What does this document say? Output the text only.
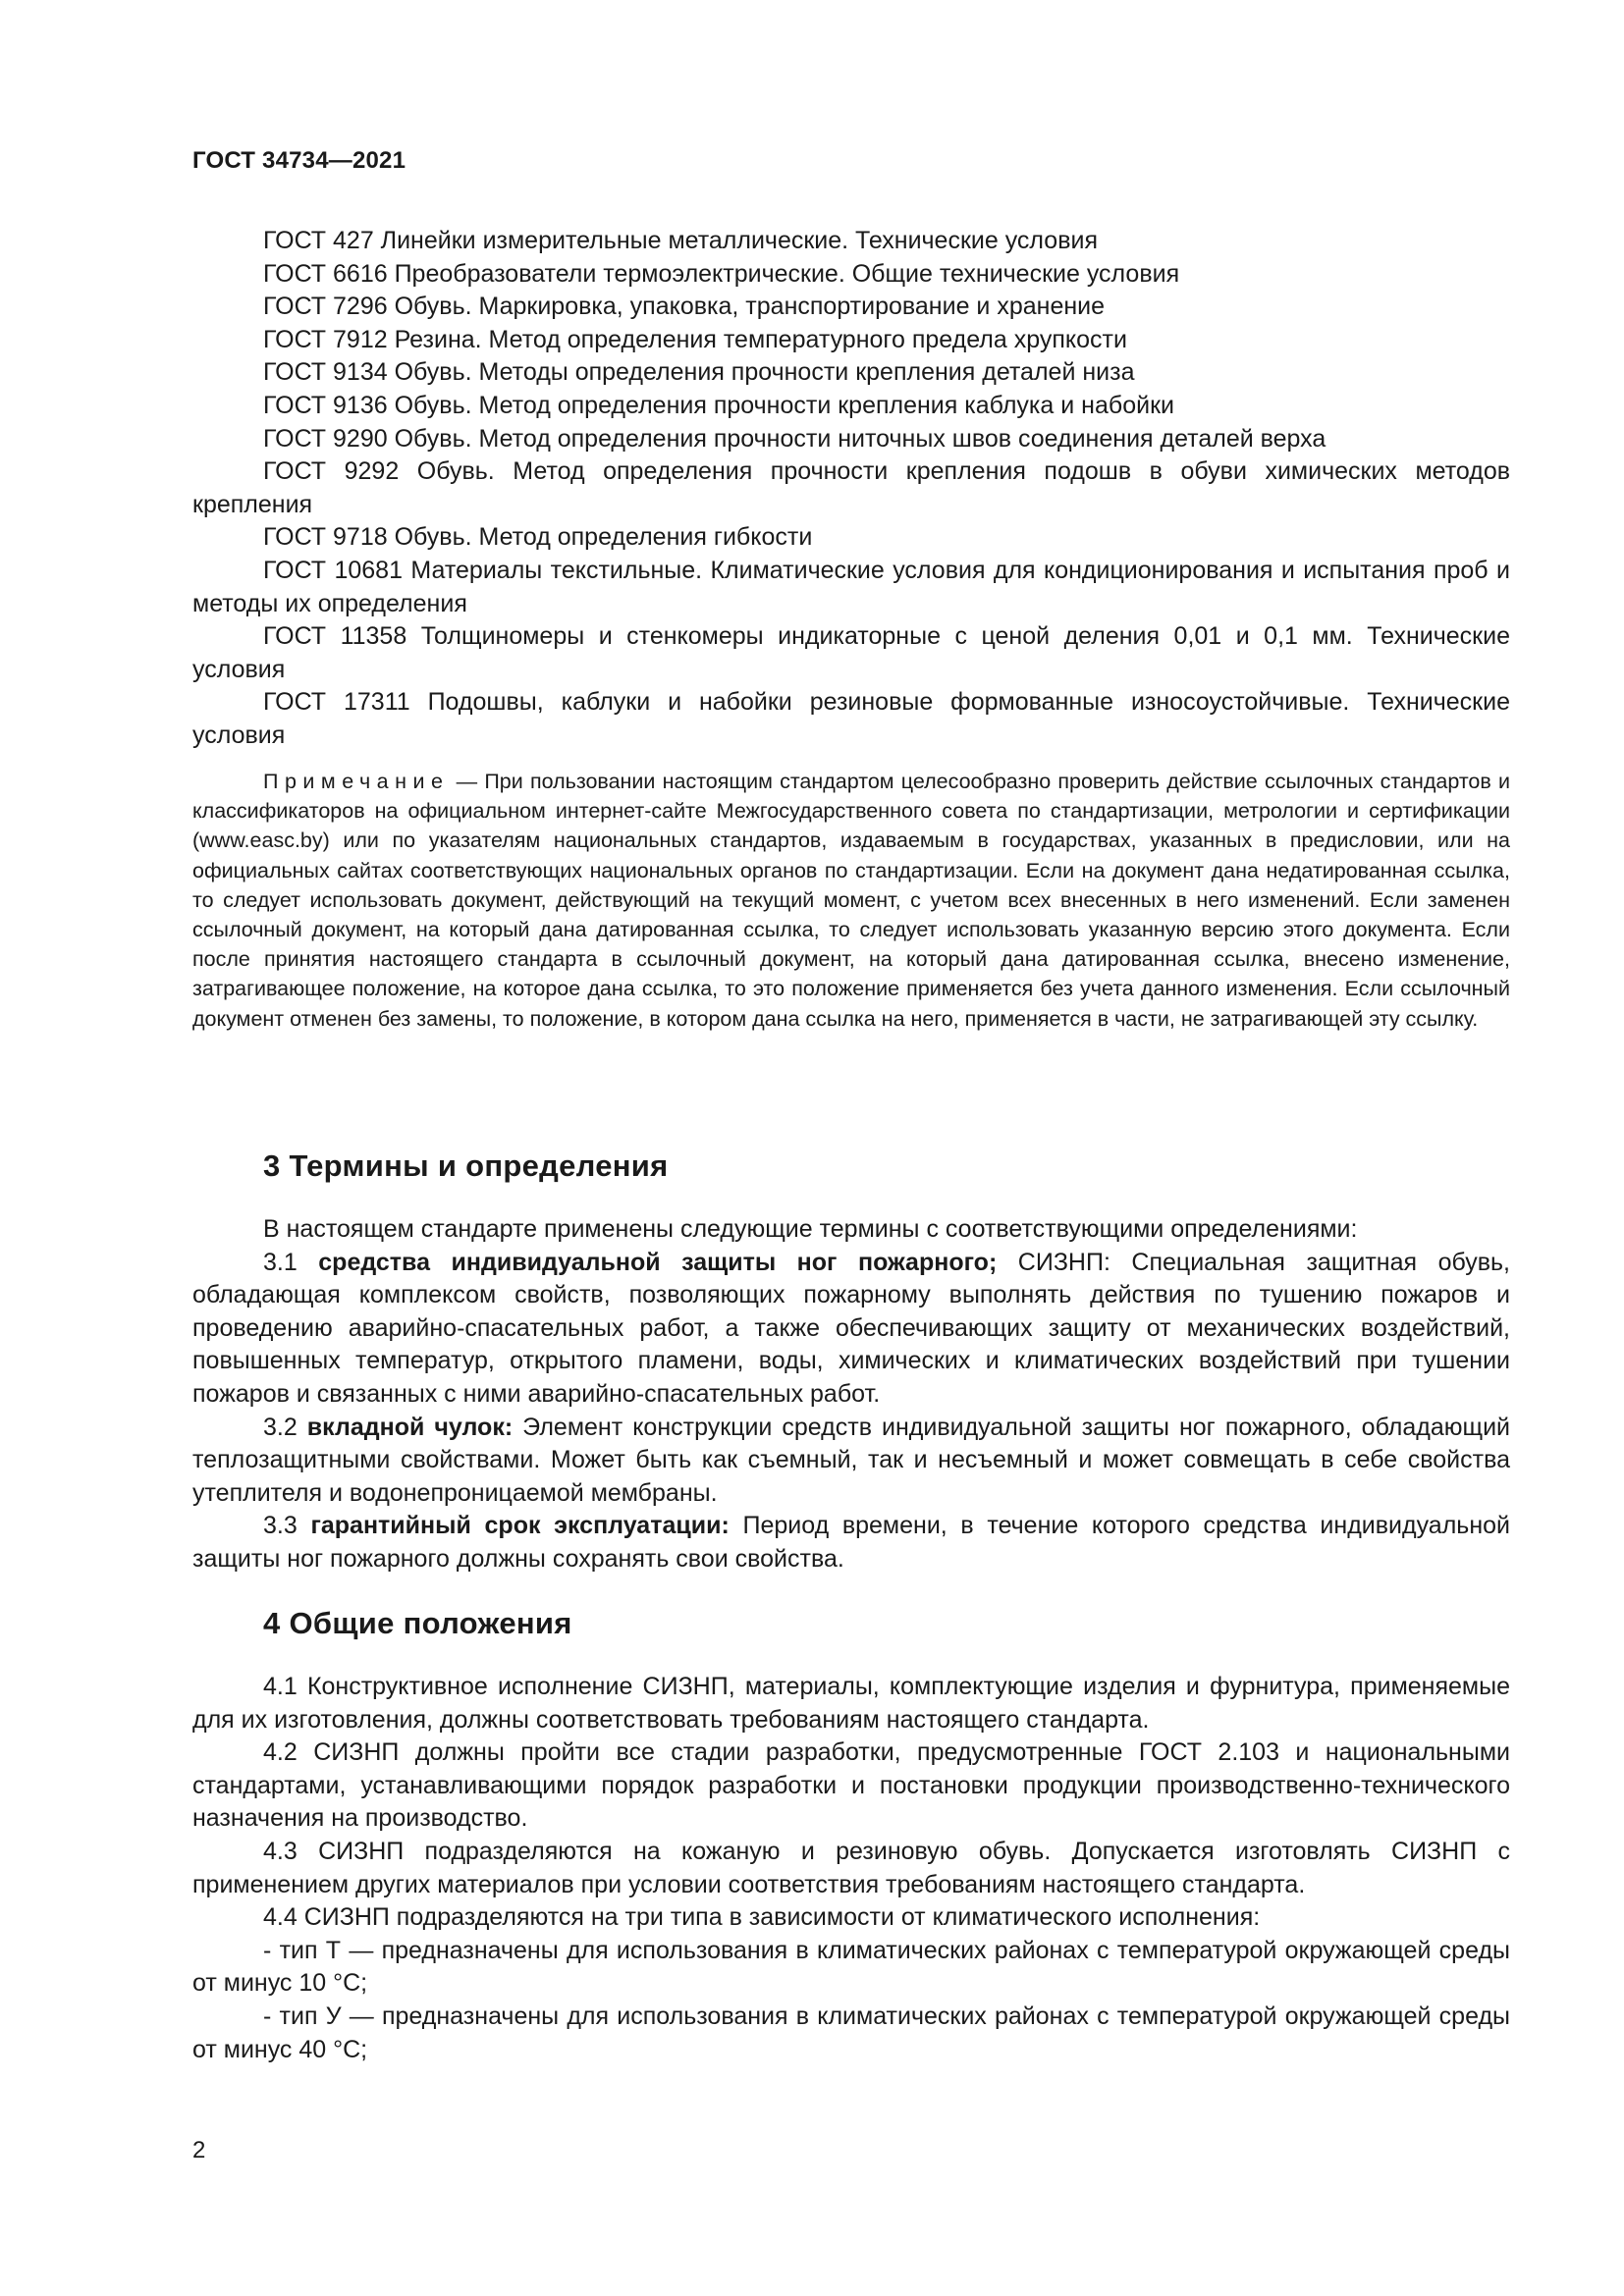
ГОСТ 34734—2021

ГОСТ 427 Линейки измерительные металлические. Технические условия

ГОСТ 6616 Преобразователи термоэлектрические. Общие технические условия

ГОСТ 7296 Обувь. Маркировка, упаковка, транспортирование и хранение

ГОСТ 7912 Резина. Метод определения температурного предела хрупкости

ГОСТ 9134 Обувь. Методы определения прочности крепления деталей низа

ГОСТ 9136 Обувь. Метод определения прочности крепления каблука и набойки

ГОСТ 9290 Обувь. Метод определения прочности ниточных швов соединения деталей верха

ГОСТ 9292 Обувь. Метод определения прочности крепления подошв в обуви химических методов крепления

ГОСТ 9718 Обувь. Метод определения гибкости

ГОСТ 10681 Материалы текстильные. Климатические условия для кондиционирования и испытания проб и методы их определения

ГОСТ 11358 Толщиномеры и стенкомеры индикаторные с ценой деления 0,01 и 0,1 мм. Технические условия

ГОСТ 17311 Подошвы, каблуки и набойки резиновые формованные износоустойчивые. Технические условия

Примечание — При пользовании настоящим стандартом целесообразно проверить действие ссылочных стандартов и классификаторов на официальном интернет-сайте Межгосударственного совета по стандартизации, метрологии и сертификации (www.easc.by) или по указателям национальных стандартов, издаваемым в государствах, указанных в предисловии, или на официальных сайтах соответствующих национальных органов по стандартизации. Если на документ дана недатированная ссылка, то следует использовать документ, действующий на текущий момент, с учетом всех внесенных в него изменений. Если заменен ссылочный документ, на который дана датированная ссылка, то следует использовать указанную версию этого документа. Если после принятия настоящего стандарта в ссылочный документ, на который дана датированная ссылка, внесено изменение, затрагивающее положение, на которое дана ссылка, то это положение применяется без учета данного изменения. Если ссылочный документ отменен без замены, то положение, в котором дана ссылка на него, применяется в части, не затрагивающей эту ссылку.

3 Термины и определения

В настоящем стандарте применены следующие термины с соответствующими определениями:

3.1 средства индивидуальной защиты ног пожарного; СИЗНП: Специальная защитная обувь, обладающая комплексом свойств, позволяющих пожарному выполнять действия по тушению пожаров и проведению аварийно-спасательных работ, а также обеспечивающих защиту от механических воздействий, повышенных температур, открытого пламени, воды, химических и климатических воздействий при тушении пожаров и связанных с ними аварийно-спасательных работ.

3.2 вкладной чулок: Элемент конструкции средств индивидуальной защиты ног пожарного, обладающий теплозащитными свойствами. Может быть как съемный, так и несъемный и может совмещать в себе свойства утеплителя и водонепроницаемой мембраны.

3.3 гарантийный срок эксплуатации: Период времени, в течение которого средства индивидуальной защиты ног пожарного должны сохранять свои свойства.

4 Общие положения

4.1 Конструктивное исполнение СИЗНП, материалы, комплектующие изделия и фурнитура, применяемые для их изготовления, должны соответствовать требованиям настоящего стандарта.

4.2 СИЗНП должны пройти все стадии разработки, предусмотренные ГОСТ 2.103 и национальными стандартами, устанавливающими порядок разработки и постановки продукции производственно-технического назначения на производство.

4.3 СИЗНП подразделяются на кожаную и резиновую обувь. Допускается изготовлять СИЗНП с применением других материалов при условии соответствия требованиям настоящего стандарта.

4.4 СИЗНП подразделяются на три типа в зависимости от климатического исполнения:

- тип Т — предназначены для использования в климатических районах с температурой окружающей среды от минус 10 °С;

- тип У — предназначены для использования в климатических районах с температурой окружающей среды от минус 40 °С;

2
